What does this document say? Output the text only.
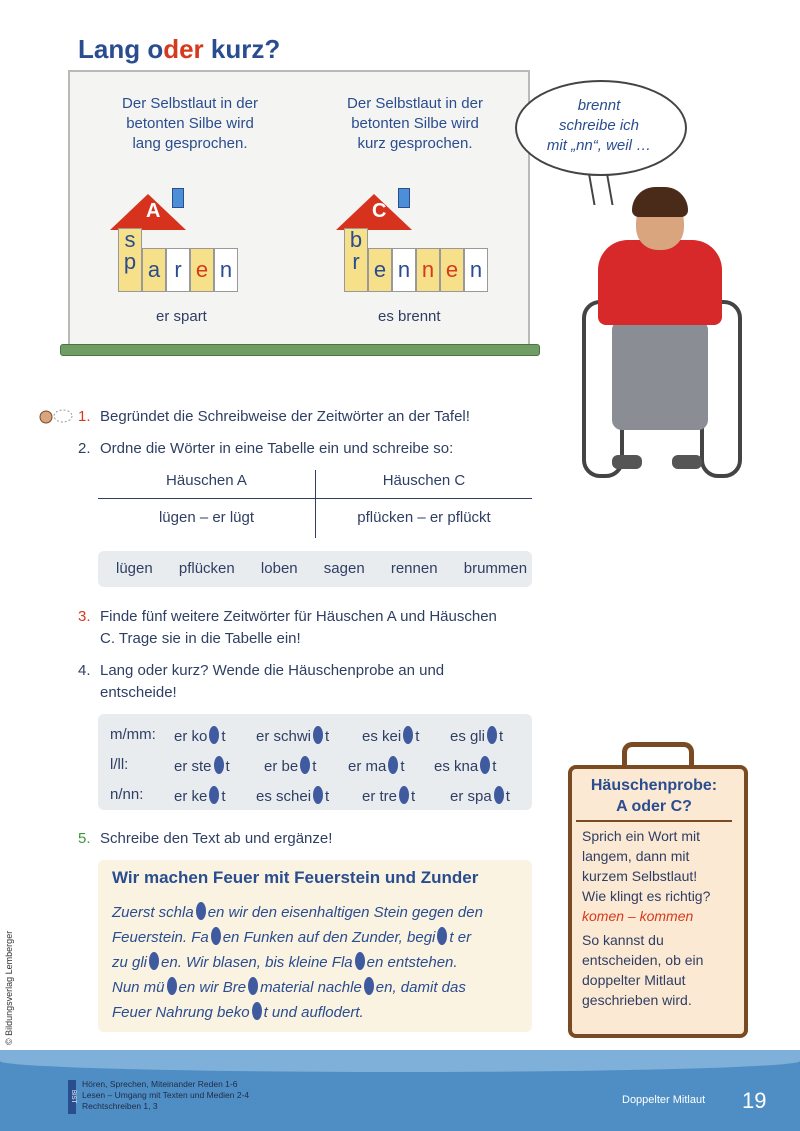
Lang oder kurz?
Der Selbstlaut in der
betonten Silbe wird
lang gesprochen.
Der Selbstlaut in der
betonten Silbe wird
kurz gesprochen.
A
s
p a r e n
er spart
C
b
r e n n e n
es brennt
brennt
schreibe ich
mit „nn“, weil …
1. Begründet die Schreibweise der Zeitwörter an der Tafel!
2. Ordne die Wörter in eine Tabelle ein und schreibe so:
Häuschen A	Häuschen C
lügen – er lügt	pflücken – er pflückt
lügen pflücken loben sagen rennen brummen
3. Finde fünf weitere Zeitwörter für Häuschen A und Häuschen
C. Trage sie in die Tabelle ein!
4. Lang oder kurz? Wende die Häuschenprobe an und
entscheide!
m/mm: er ko t er schwi t es kei t es gli t
l/ll:	er ste t er be t er ma t es kna t
n/nn: er ke t es schei t er tre t er spa t
5. Schreibe den Text ab und ergänze!
Wir machen Feuer mit Feuerstein und Zunder
Zuerst schla en wir den eisenhaltigen Stein gegen den
Feuerstein. Fa en Funken auf den Zunder, begi t er
zu gli en. Wir blasen, bis kleine Fla en entstehen.
Nun mü en wir Bre material nachle en, damit das
Feuer Nahrung beko t und auflodert.
Häuschenprobe:
A oder C?
Sprich ein Wort mit
langem, dann mit
kurzem Selbstlaut!
Wie klingt es richtig?
komen – kommen
So kannst du
entscheiden, ob ein
doppelter Mitlaut
geschrieben wird.
© Bildungsverlag Lemberger
BIST
Hören, Sprechen, Miteinander Reden 1-6
Lesen – Umgang mit Texten und Medien 2-4
Rechtschreiben 1, 3	Doppelter Mitlaut 19
